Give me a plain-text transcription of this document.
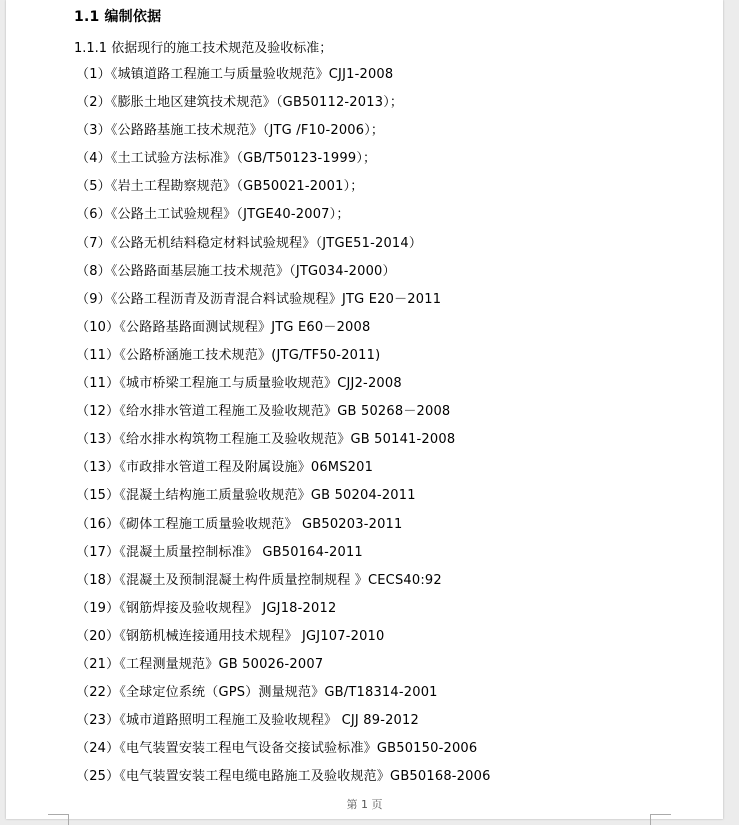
1.1 编制依据
1.1.1 依据现行的施工技术规范及验收标准；
（1）《城镇道路工程施工与质量验收规范》CJJ1-2008
（2）《膨胀土地区建筑技术规范》（GB50112-2013）；
（3）《公路路基施工技术规范》（JTG /F10-2006）；
（4）《土工试验方法标准》（GB/T50123-1999）；
（5）《岩土工程勘察规范》（GB50021-2001）；
（6）《公路土工试验规程》（JTGE40-2007）；
（7）《公路无机结料稳定材料试验规程》（JTGE51-2014）
（8）《公路路面基层施工技术规范》（JTG034-2000）
（9）《公路工程沥青及沥青混合料试验规程》JTG E20－2011
（10）《公路路基路面测试规程》JTG E60－2008
（11）《公路桥涵施工技术规范》(JTG/TF50-2011)
（11）《城市桥梁工程施工与质量验收规范》CJJ2-2008
（12）《给水排水管道工程施工及验收规范》GB 50268－2008
（13）《给水排水构筑物工程施工及验收规范》GB 50141-2008
（13）《市政排水管道工程及附属设施》06MS201
（15）《混凝土结构施工质量验收规范》GB 50204-2011
（16）《砌体工程施工质量验收规范》 GB50203-2011
（17）《混凝土质量控制标准》 GB50164-2011
（18）《混凝土及预制混凝土构件质量控制规程 》CECS40:92
（19）《钢筋焊接及验收规程》 JGJ18-2012
（20）《钢筋机械连接通用技术规程》 JGJ107-2010
（21）《工程测量规范》GB 50026-2007
（22）《全球定位系统（GPS）测量规范》GB/T18314-2001
（23）《城市道路照明工程施工及验收规程》 CJJ 89-2012
（24）《电气装置安装工程电气设备交接试验标准》GB50150-2006
（25）《电气装置安装工程电缆电路施工及验收规范》GB50168-2006
第 1 页
